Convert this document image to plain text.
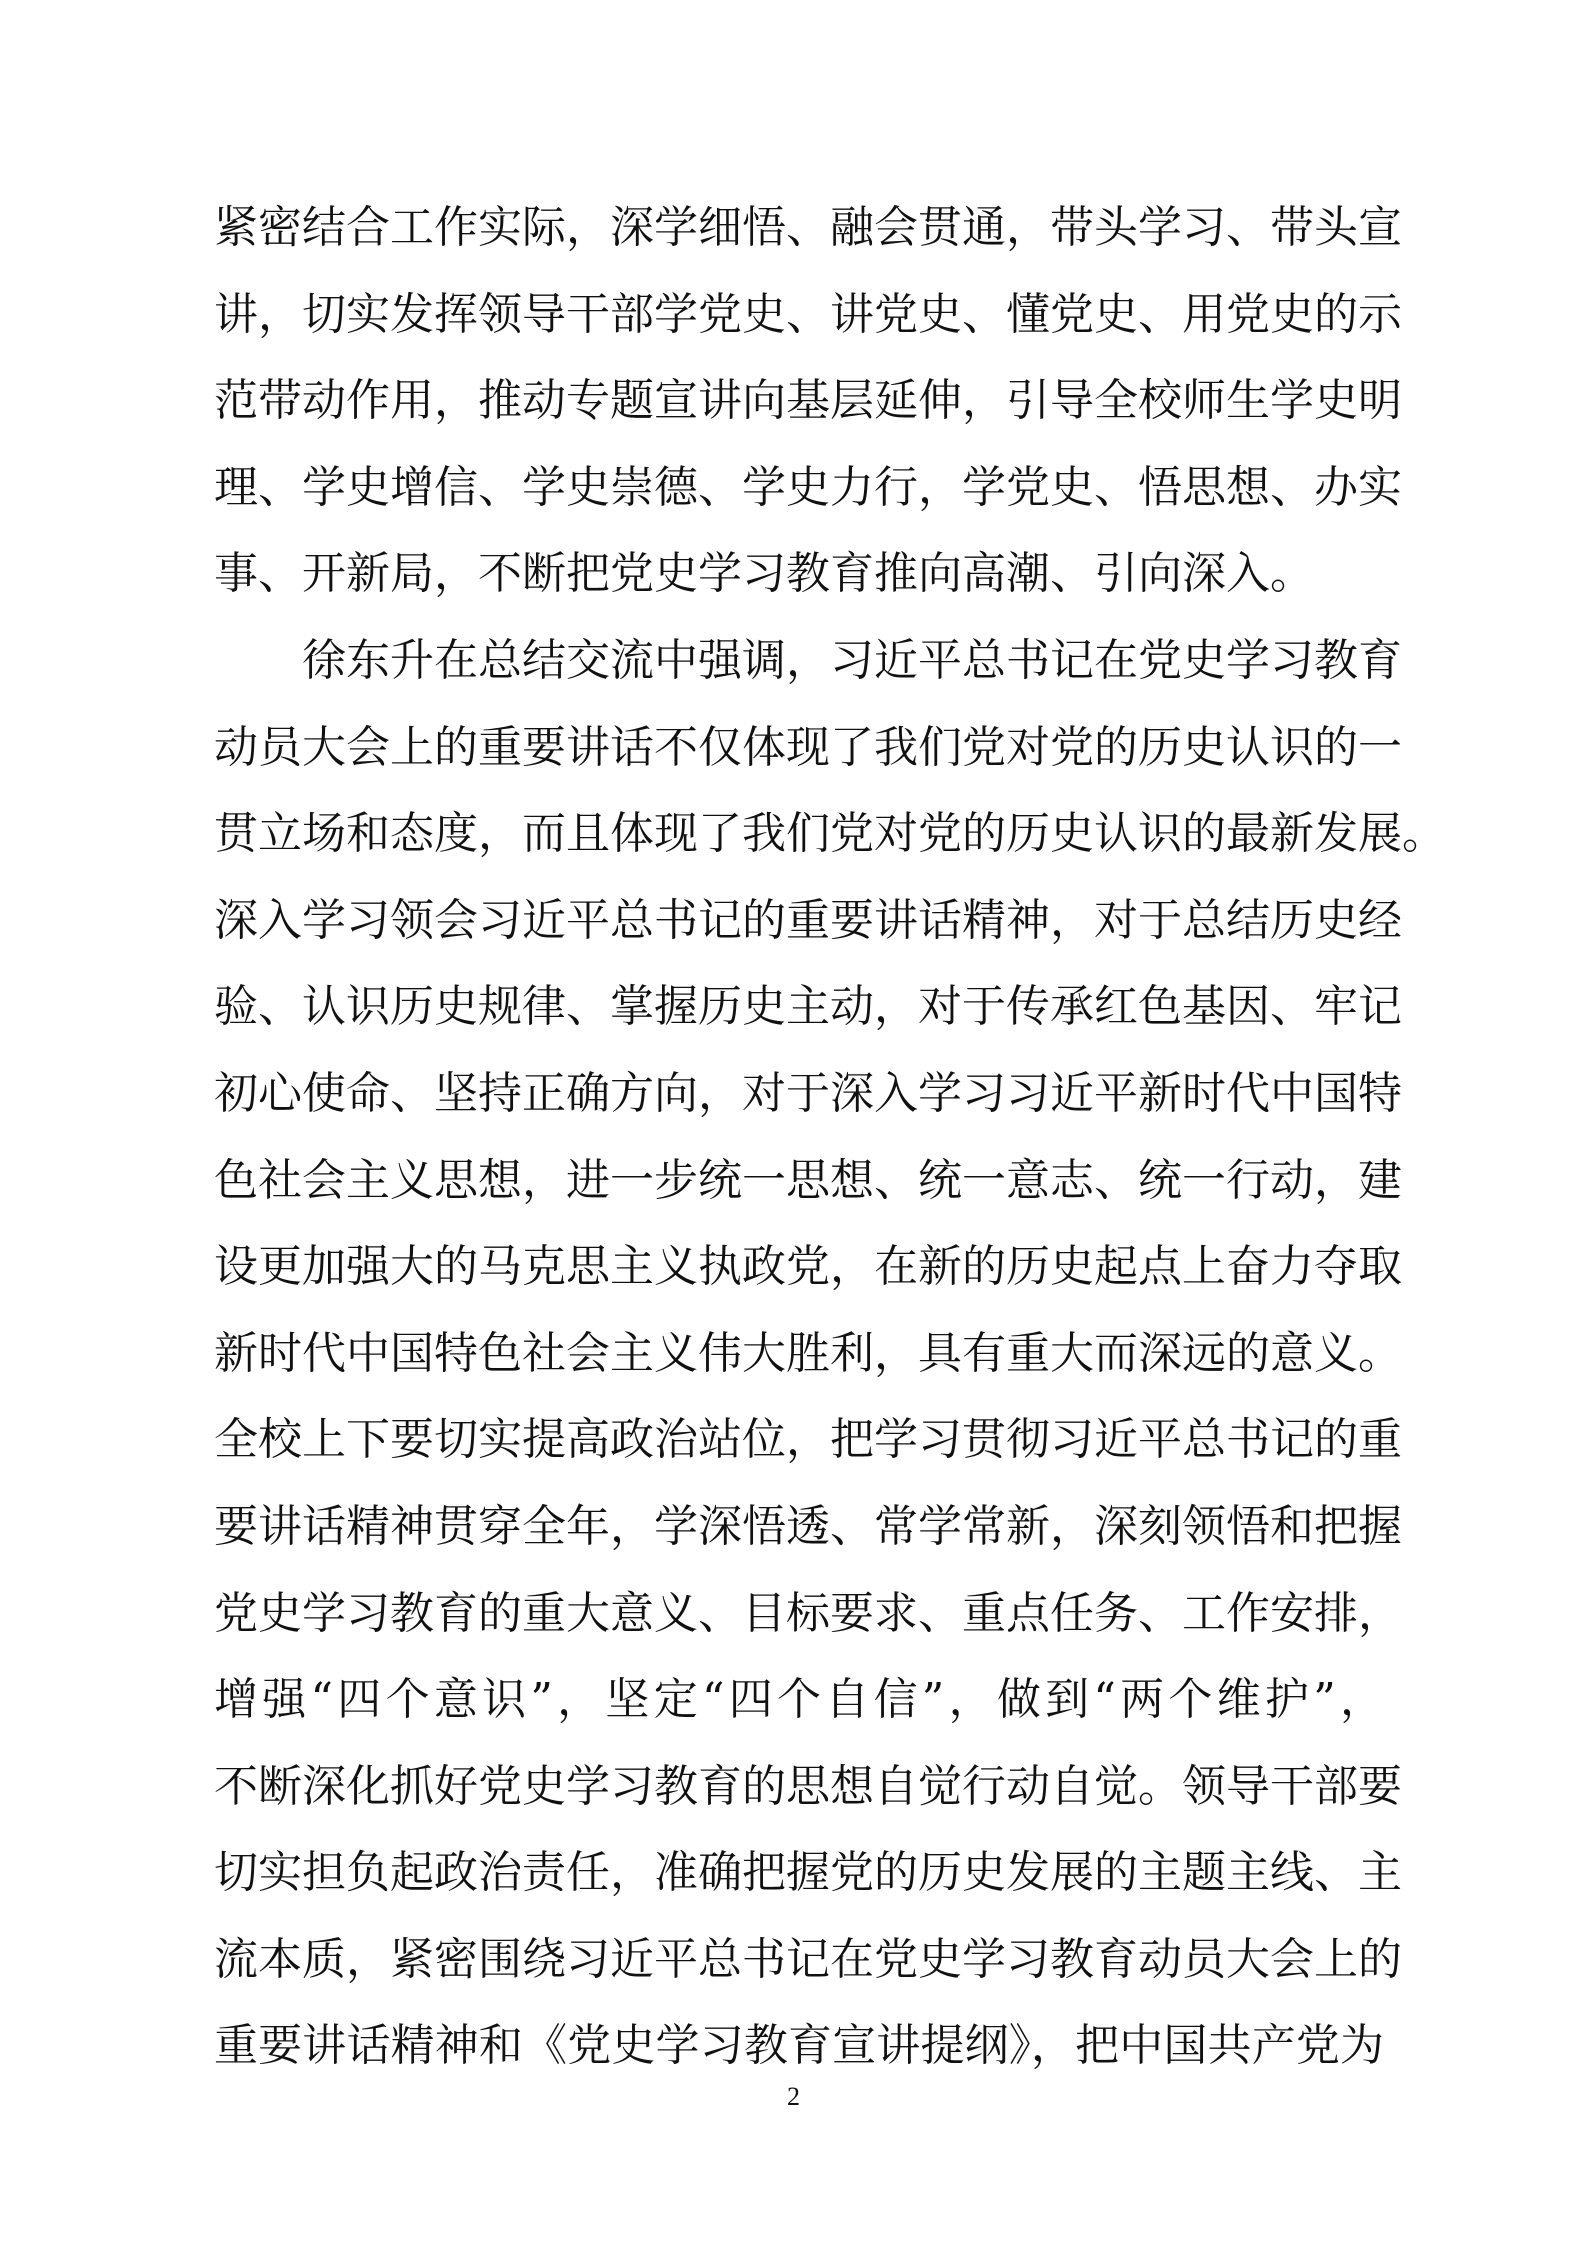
紧密结合工作实际，深学细悟、融会贯通，带头学习、带头宣
讲，切实发挥领导干部学党史、讲党史、懂党史、用党史的示
范带动作用，推动专题宣讲向基层延伸，引导全校师生学史明
理、学史增信、学史崇德、学史力行，学党史、悟思想、办实
事、开新局，不断把党史学习教育推向高潮、引向深入。
徐东升在总结交流中强调，习近平总书记在党史学习教育
动员大会上的重要讲话不仅体现了我们党对党的历史认识的一
贯立场和态度，而且体现了我们党对党的历史认识的最新发展。
深入学习领会习近平总书记的重要讲话精神，对于总结历史经
验、认识历史规律、掌握历史主动，对于传承红色基因、牢记
初心使命、坚持正确方向，对于深入学习习近平新时代中国特
色社会主义思想，进一步统一思想、统一意志、统一行动，建
设更加强大的马克思主义执政党，在新的历史起点上奋力夺取
新时代中国特色社会主义伟大胜利，具有重大而深远的意义。
全校上下要切实提高政治站位，把学习贯彻习近平总书记的重
要讲话精神贯穿全年，学深悟透、常学常新，深刻领悟和把握
党史学习教育的重大意义、目标要求、重点任务、工作安排，
增强“四个意识”，坚定“四个自信”，做到“两个维护”，
不断深化抓好党史学习教育的思想自觉行动自觉。领导干部要
切实担负起政治责任，准确把握党的历史发展的主题主线、主
流本质，紧密围绕习近平总书记在党史学习教育动员大会上的
重要讲话精神和《党史学习教育宣讲提纲》，把中国共产党为
2
